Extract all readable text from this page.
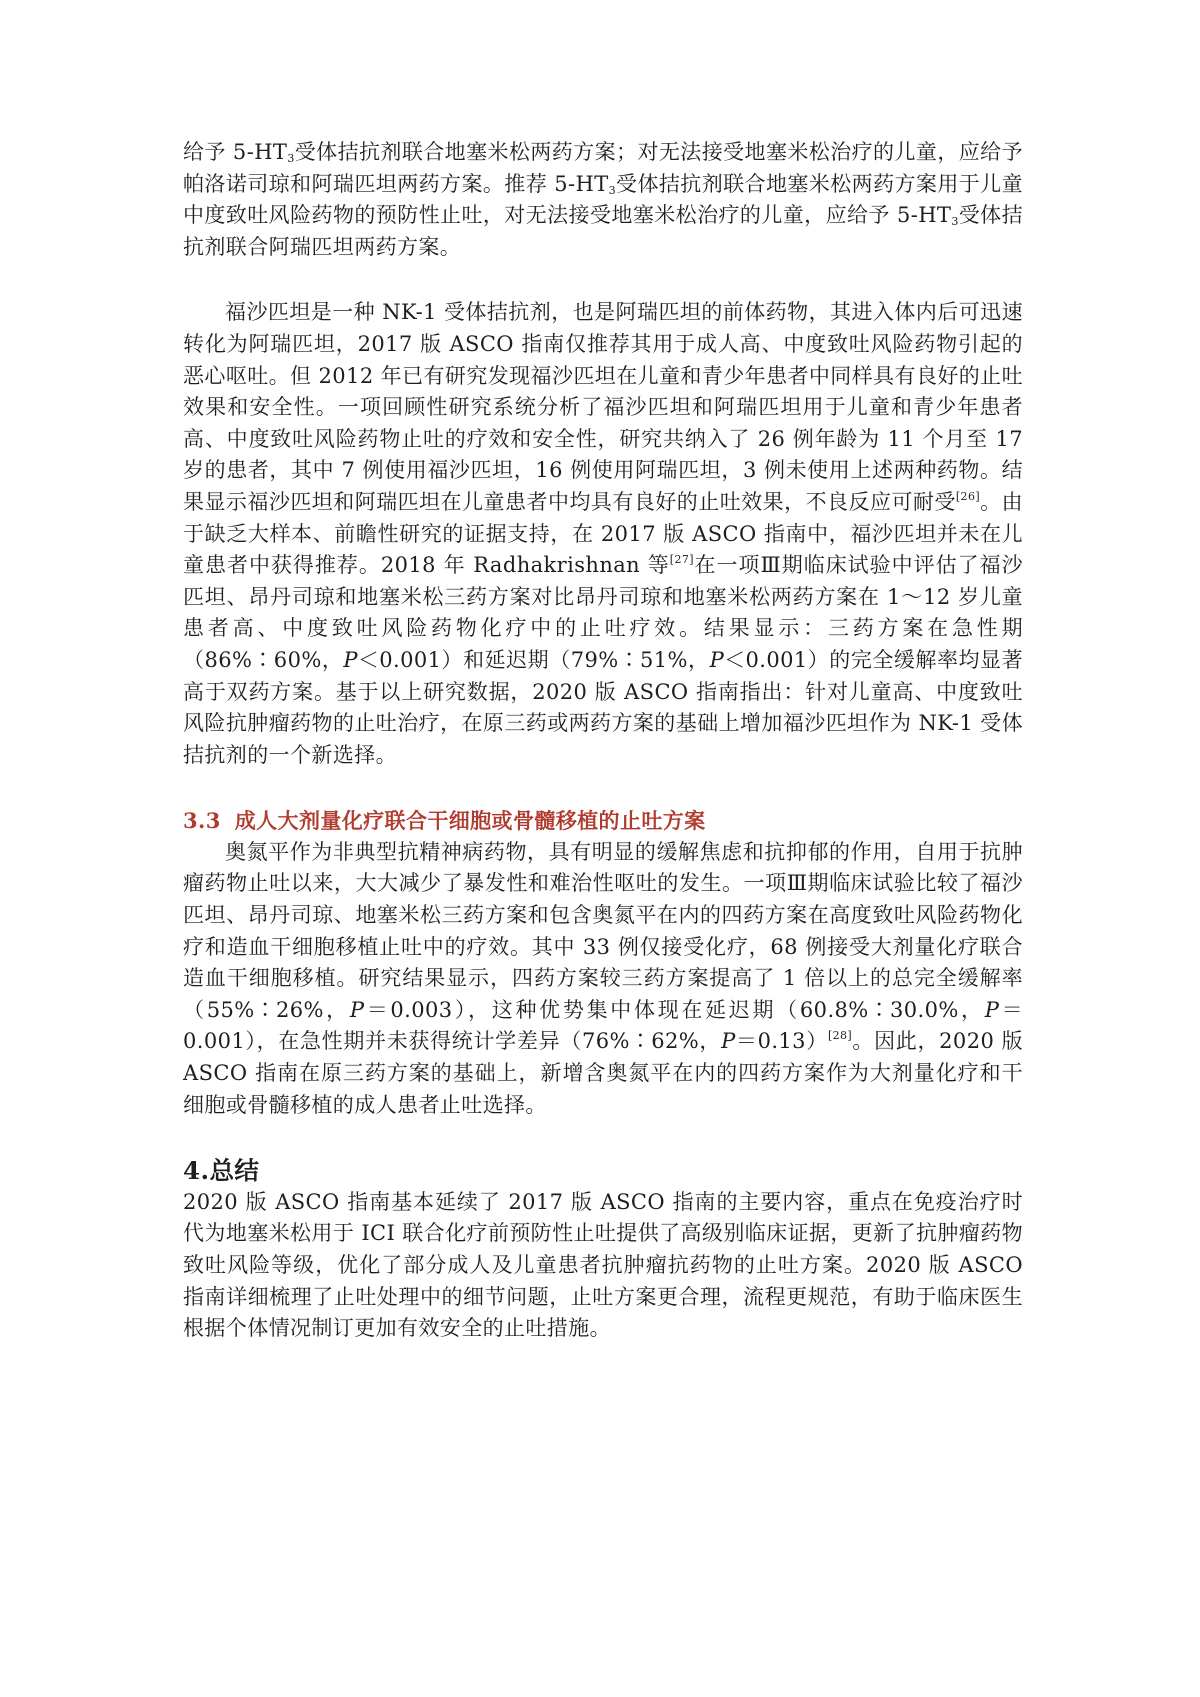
给予 $5-HT_3$受体拮抗剂联合地塞米松两药方案；对无法接受地塞米松治疗的儿童，应给予帕洛诺司琼和阿瑞匹坦两药方案。推荐 $5-HT_3$受体拮抗剂联合地塞米松两药方案用于儿童中度致吐风险药物的预防性止吐，对无法接受地塞米松治疗的儿童，应给予 $5-HT_3$受体拮抗剂联合阿瑞匹坦两药方案。

福沙匹坦是一种 NK-1 受体拮抗剂，也是阿瑞匹坦的前体药物，其进入体内后可迅速转化为阿瑞匹坦，2017 版 ASCO 指南仅推荐其用于成人高、中度致吐风险药物引起的恶心呕吐。但 2012 年已有研究发现福沙匹坦在儿童和青少年患者中同样具有良好的止吐效果和安全性。一项回顾性研究系统分析了福沙匹坦和阿瑞匹坦用于儿童和青少年患者高、中度致吐风险药物止吐的疗效和安全性，研究共纳入了 26 例年龄为 11 个月至 17 岁的患者，其中 7 例使用福沙匹坦，16 例使用阿瑞匹坦，3 例未使用上述两种药物。结果显示福沙匹坦和阿瑞匹坦在儿童患者中均具有良好的止吐效果，不良反应可耐受[26]。由于缺乏大样本、前瞻性研究的证据支持，在 2017 版 ASCO 指南中，福沙匹坦并未在儿童患者中获得推荐。2018 年 Radhakrishnan 等[27]在一项Ⅲ期临床试验中评估了福沙匹坦、昂丹司琼和地塞米松三药方案对比昂丹司琼和地塞米松两药方案在 1～12 岁儿童患者高、中度致吐风险药物化疗中的止吐疗效。结果显示：三药方案在急性期（86%∶60%，P＜0.001）和延迟期（79%∶51%，P＜0.001）的完全缓解率均显著高于双药方案。基于以上研究数据，2020 版 ASCO 指南指出：针对儿童高、中度致吐风险抗肿瘤药物的止吐治疗，在原三药或两药方案的基础上增加福沙匹坦作为 NK-1 受体拮抗剂的一个新选择。

3.3 成人大剂量化疗联合干细胞或骨髓移植的止吐方案

奥氮平作为非典型抗精神病药物，具有明显的缓解焦虑和抗抑郁的作用，自用于抗肿瘤药物止吐以来，大大减少了暴发性和难治性呕吐的发生。一项Ⅲ期临床试验比较了福沙匹坦、昂丹司琼、地塞米松三药方案和包含奥氮平在内的四药方案在高度致吐风险药物化疗和造血干细胞移植止吐中的疗效。其中 33 例仅接受化疗，68 例接受大剂量化疗联合造血干细胞移植。研究结果显示，四药方案较三药方案提高了 1 倍以上的总完全缓解率（55%∶26%，P＝0.003），这种优势集中体现在延迟期（60.8%∶30.0%，P＝0.001），在急性期并未获得统计学差异（76%∶62%，P＝0.13）[28]。因此，2020 版 ASCO 指南在原三药方案的基础上，新增含奥氮平在内的四药方案作为大剂量化疗和干细胞或骨髓移植的成人患者止吐选择。

4.总结

2020 版 ASCO 指南基本延续了 2017 版 ASCO 指南的主要内容，重点在免疫治疗时代为地塞米松用于 ICI 联合化疗前预防性止吐提供了高级别临床证据，更新了抗肿瘤药物致吐风险等级，优化了部分成人及儿童患者抗肿瘤抗药物的止吐方案。2020 版 ASCO 指南详细梳理了止吐处理中的细节问题，止吐方案更合理，流程更规范，有助于临床医生根据个体情况制订更加有效安全的止吐措施。
